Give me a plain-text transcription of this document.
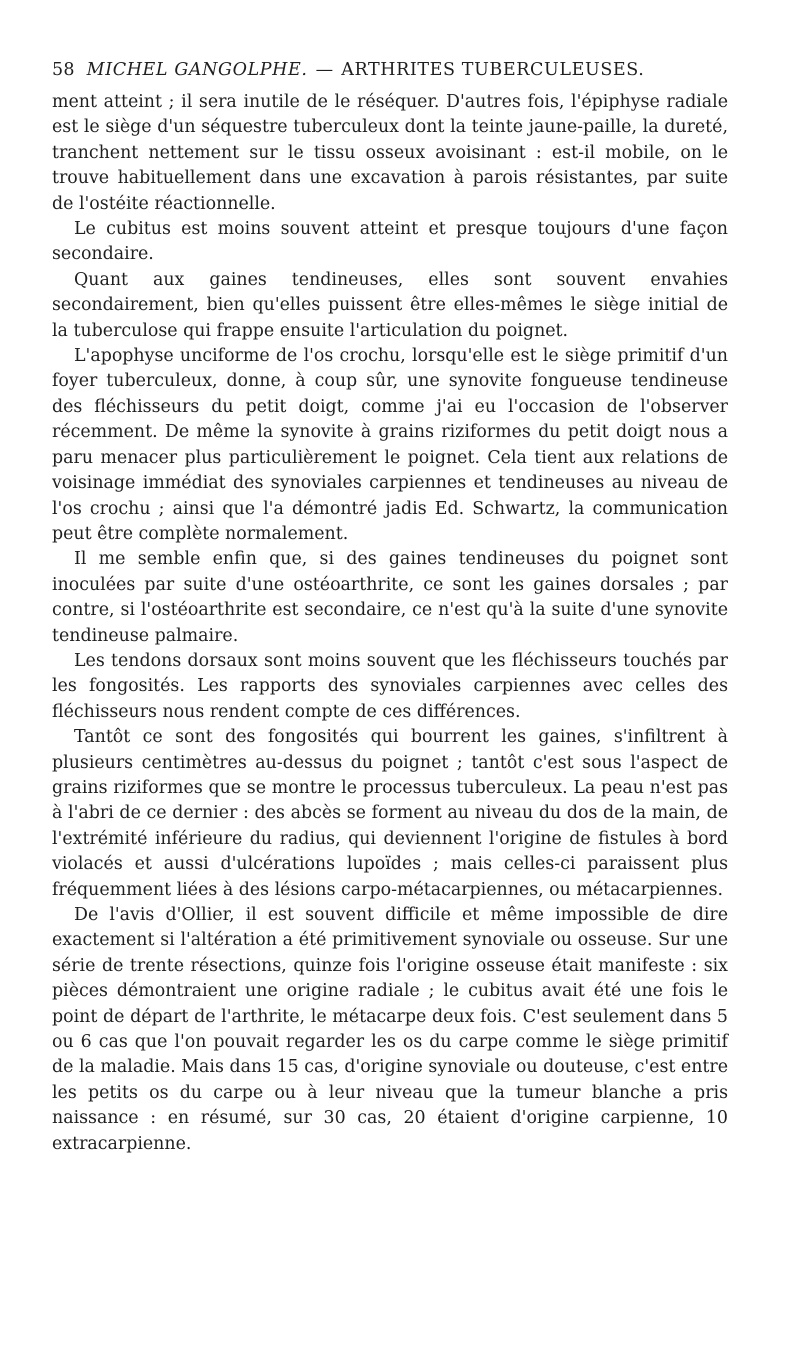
58 MICHEL GANGOLPHE. — ARTHRITES TUBERCULEUSES.

ment atteint ; il sera inutile de le réséquer. D'autres fois, l'épiphyse radiale est le siège d'un séquestre tuberculeux dont la teinte jaune-paille, la dureté, tranchent nettement sur le tissu osseux avoisinant : est-il mobile, on le trouve habituellement dans une excavation à parois résistantes, par suite de l'ostéite réactionnelle.

Le cubitus est moins souvent atteint et presque toujours d'une façon secondaire.

Quant aux gaines tendineuses, elles sont souvent envahies secondairement, bien qu'elles puissent être elles-mêmes le siège initial de la tuberculose qui frappe ensuite l'articulation du poignet.

L'apophyse unciforme de l'os crochu, lorsqu'elle est le siège primitif d'un foyer tuberculeux, donne, à coup sûr, une synovite fongueuse tendineuse des fléchisseurs du petit doigt, comme j'ai eu l'occasion de l'observer récemment. De même la synovite à grains riziformes du petit doigt nous a paru menacer plus particulièrement le poignet. Cela tient aux relations de voisinage immédiat des synoviales carpiennes et tendineuses au niveau de l'os crochu ; ainsi que l'a démontré jadis Ed. Schwartz, la communication peut être complète normalement.

Il me semble enfin que, si des gaines tendineuses du poignet sont inoculées par suite d'une ostéoarthrite, ce sont les gaines dorsales ; par contre, si l'ostéoarthrite est secondaire, ce n'est qu'à la suite d'une synovite tendineuse palmaire.

Les tendons dorsaux sont moins souvent que les fléchisseurs touchés par les fongosités. Les rapports des synoviales carpiennes avec celles des fléchisseurs nous rendent compte de ces différences.

Tantôt ce sont des fongosités qui bourrent les gaines, s'infiltrent à plusieurs centimètres au-dessus du poignet ; tantôt c'est sous l'aspect de grains riziformes que se montre le processus tuberculeux. La peau n'est pas à l'abri de ce dernier : des abcès se forment au niveau du dos de la main, de l'extrémité inférieure du radius, qui deviennent l'origine de fistules à bord violacés et aussi d'ulcérations lupoïdes ; mais celles-ci paraissent plus fréquemment liées à des lésions carpo-métacarpiennes, ou métacarpiennes.

De l'avis d'Ollier, il est souvent difficile et même impossible de dire exactement si l'altération a été primitivement synoviale ou osseuse. Sur une série de trente résections, quinze fois l'origine osseuse était manifeste : six pièces démontraient une origine radiale ; le cubitus avait été une fois le point de départ de l'arthrite, le métacarpe deux fois. C'est seulement dans 5 ou 6 cas que l'on pouvait regarder les os du carpe comme le siège primitif de la maladie. Mais dans 15 cas, d'origine synoviale ou douteuse, c'est entre les petits os du carpe ou à leur niveau que la tumeur blanche a pris naissance : en résumé, sur 30 cas, 20 étaient d'origine carpienne, 10 extracarpienne.
